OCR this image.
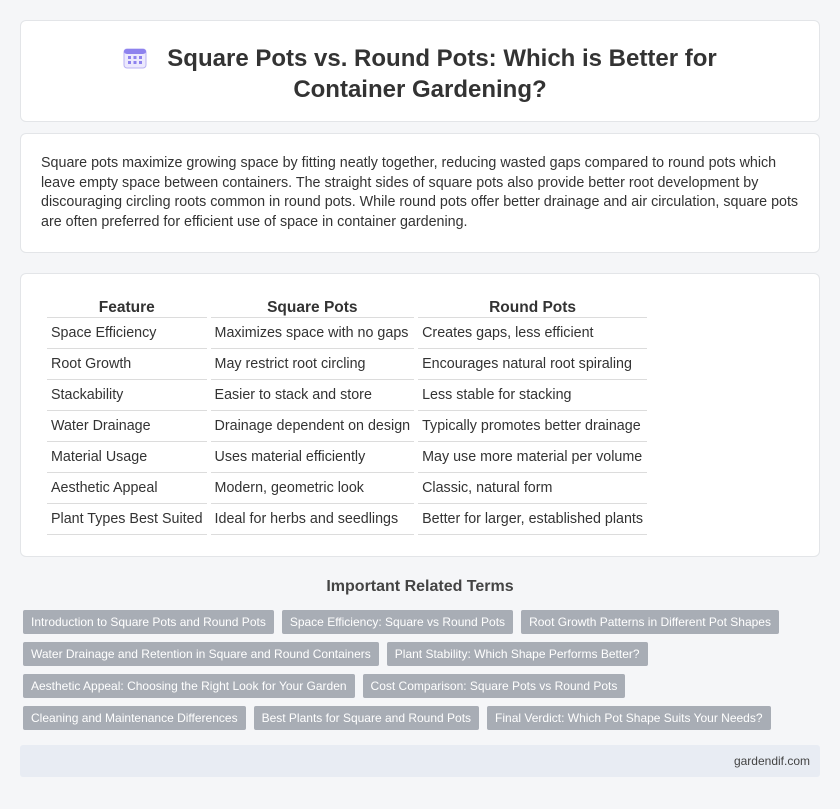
Square Pots vs. Round Pots: Which is Better for Container Gardening?

Square pots maximize growing space by fitting neatly together, reducing wasted gaps compared to round pots which leave empty space between containers. The straight sides of square pots also provide better root development by discouraging circling roots common in round pots. While round pots offer better drainage and air circulation, square pots are often preferred for efficient use of space in container gardening.

Feature	Square Pots	Round Pots
Space Efficiency	Maximizes space with no gaps	Creates gaps, less efficient
Root Growth	May restrict root circling	Encourages natural root spiraling
Stackability	Easier to stack and store	Less stable for stacking
Water Drainage	Drainage dependent on design	Typically promotes better drainage
Material Usage	Uses material efficiently	May use more material per volume
Aesthetic Appeal	Modern, geometric look	Classic, natural form
Plant Types Best Suited	Ideal for herbs and seedlings	Better for larger, established plants
Important Related Terms
Introduction to Square Pots and Round Pots	Space Efficiency: Square vs Round Pots	Root Growth Patterns in Different Pot Shapes
Water Drainage and Retention in Square and Round Containers	Plant Stability: Which Shape Performs Better?
Aesthetic Appeal: Choosing the Right Look for Your Garden	Cost Comparison: Square Pots vs Round Pots
Cleaning and Maintenance Differences	Best Plants for Square and Round Pots	Final Verdict: Which Pot Shape Suits Your Needs?
gardendif.com
